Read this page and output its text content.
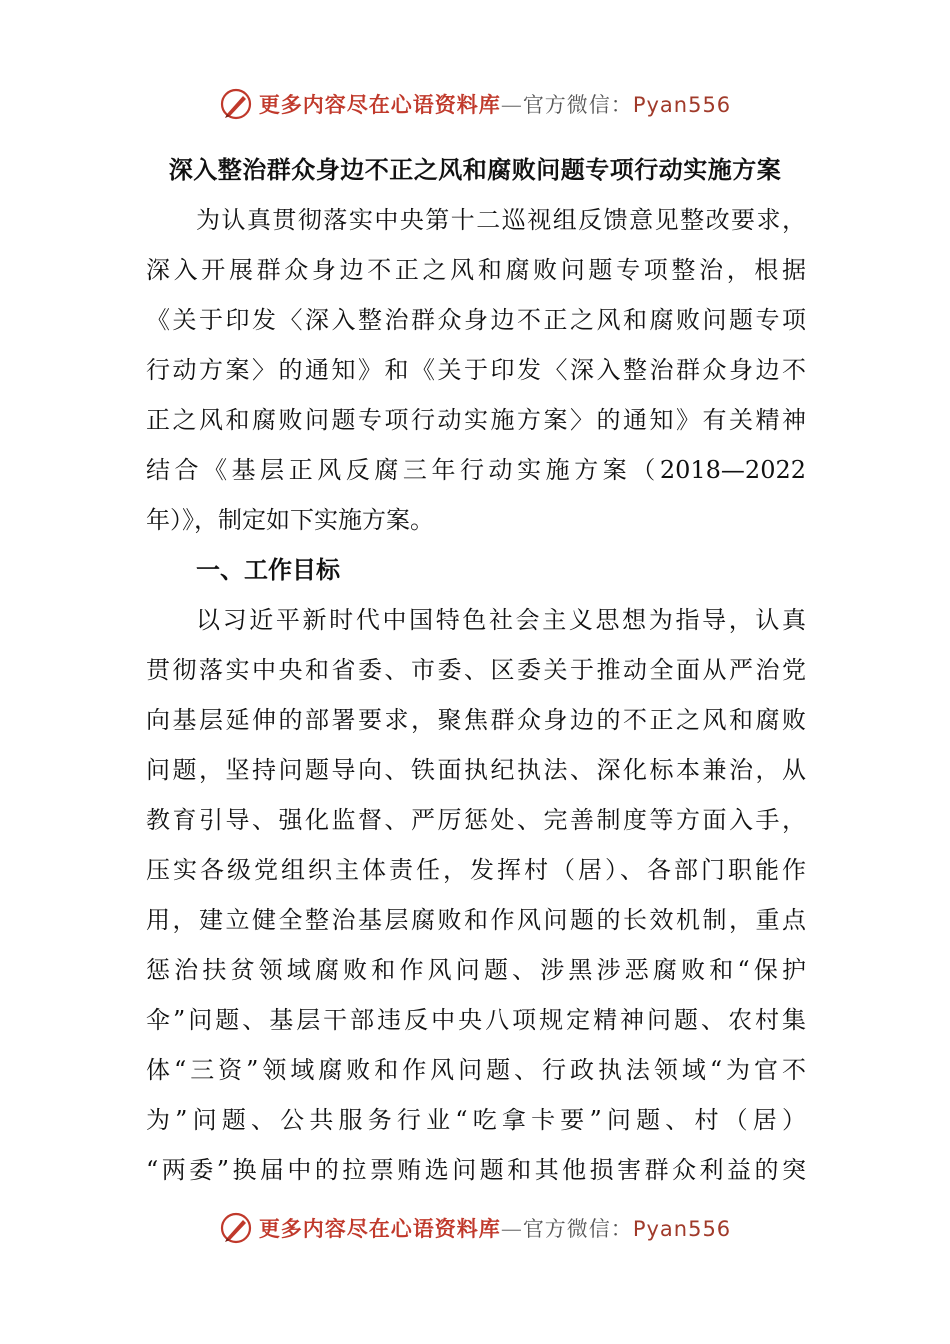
更多内容尽在心语资料库—官方微信：Pyan556
深入整治群众身边不正之风和腐败问题专项行动实施方案
为认真贯彻落实中央第十二巡视组反馈意见整改要求，
深入开展群众身边不正之风和腐败问题专项整治，根据
《关于印发〈深入整治群众身边不正之风和腐败问题专项
行动方案〉的通知》和《关于印发〈深入整治群众身边不
正之风和腐败问题专项行动实施方案〉的通知》有关精神
结合《基层正风反腐三年行动实施方案（2018—2022
年）》，制定如下实施方案。
一、工作目标
以习近平新时代中国特色社会主义思想为指导，认真
贯彻落实中央和省委、市委、区委关于推动全面从严治党
向基层延伸的部署要求，聚焦群众身边的不正之风和腐败
问题，坚持问题导向、铁面执纪执法、深化标本兼治，从
教育引导、强化监督、严厉惩处、完善制度等方面入手，
压实各级党组织主体责任，发挥村（居）、各部门职能作
用，建立健全整治基层腐败和作风问题的长效机制，重点
惩治扶贫领域腐败和作风问题、涉黑涉恶腐败和“保护
伞”问题、基层干部违反中央八项规定精神问题、农村集
体“三资”领域腐败和作风问题、行政执法领域“为官不
为”问题、公共服务行业“吃拿卡要”问题、村（居）
“两委”换届中的拉票贿选问题和其他损害群众利益的突
更多内容尽在心语资料库—官方微信：Pyan556
